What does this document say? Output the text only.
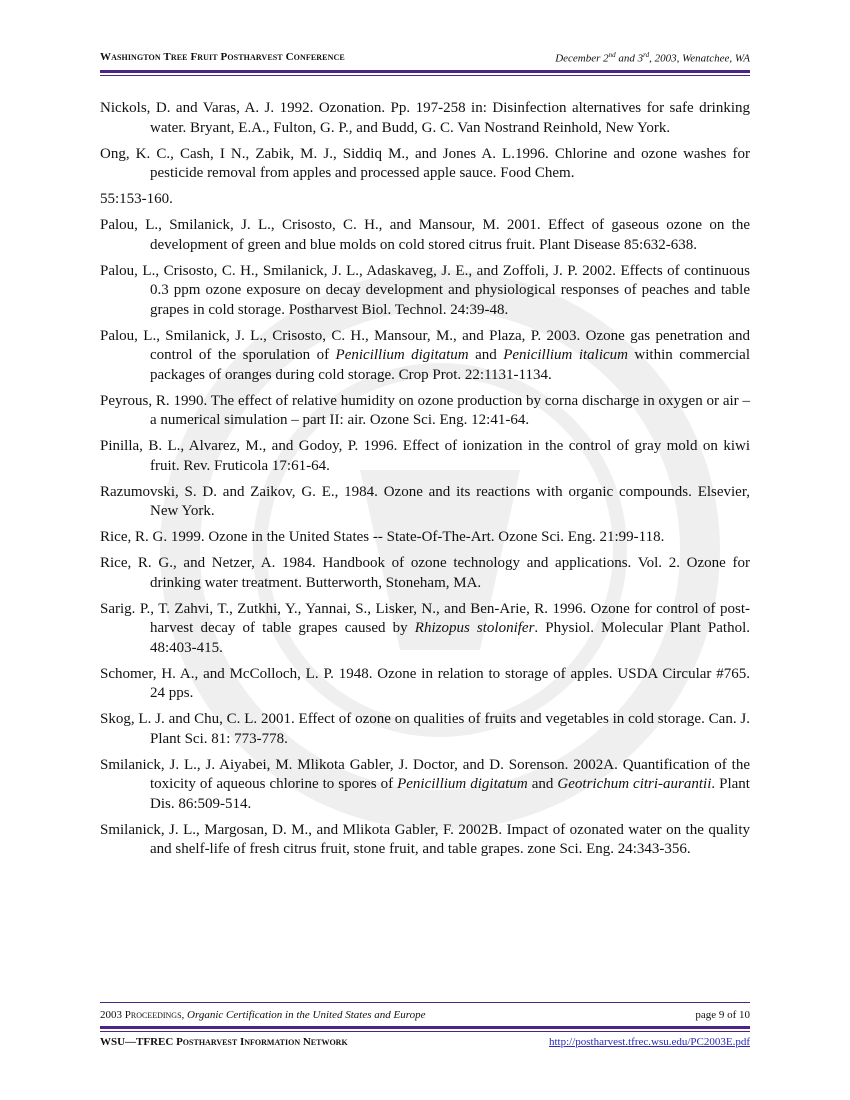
Washington Tree Fruit Postharvest Conference	December 2nd and 3rd, 2003, Wenatchee, WA

Nickols, D. and Varas, A. J. 1992. Ozonation. Pp. 197-258 in: Disinfection alternatives for safe drinking water. Bryant, E.A., Fulton, G. P., and Budd, G. C. Van Nostrand Reinhold, New York.

Ong, K. C., Cash, I N., Zabik, M. J., Siddiq M., and Jones A. L.1996. Chlorine and ozone washes for pesticide removal from apples and processed apple sauce. Food Chem.

55:153-160.

Palou, L., Smilanick, J. L., Crisosto, C. H., and Mansour, M. 2001. Effect of gaseous ozone on the development of green and blue molds on cold stored citrus fruit. Plant Disease 85:632-638.

Palou, L., Crisosto, C. H., Smilanick, J. L., Adaskaveg, J. E., and Zoffoli, J. P. 2002. Effects of continuous 0.3 ppm ozone exposure on decay development and physiological responses of peaches and table grapes in cold storage. Postharvest Biol. Technol. 24:39-48.

Palou, L., Smilanick, J. L., Crisosto, C. H., Mansour, M., and Plaza, P. 2003. Ozone gas penetration and control of the sporulation of Penicillium digitatum and Penicillium italicum within commercial packages of oranges during cold storage. Crop Prot. 22:1131-1134.

Peyrous, R. 1990. The effect of relative humidity on ozone production by corna discharge in oxygen or air – a numerical simulation – part II: air. Ozone Sci. Eng. 12:41-64.

Pinilla, B. L., Alvarez, M., and Godoy, P. 1996. Effect of ionization in the control of gray mold on kiwi fruit. Rev. Fruticola 17:61-64.

Razumovski, S. D. and Zaikov, G. E., 1984. Ozone and its reactions with organic compounds. Elsevier, New York.

Rice, R. G. 1999. Ozone in the United States -- State-Of-The-Art. Ozone Sci. Eng. 21:99-118.

Rice, R. G., and Netzer, A. 1984. Handbook of ozone technology and applications. Vol. 2. Ozone for drinking water treatment. Butterworth, Stoneham, MA.

Sarig. P., T. Zahvi, T., Zutkhi, Y., Yannai, S., Lisker, N., and Ben-Arie, R. 1996. Ozone for control of post-harvest decay of table grapes caused by Rhizopus stolonifer. Physiol. Molecular Plant Pathol. 48:403-415.

Schomer, H. A., and McColloch, L. P. 1948. Ozone in relation to storage of apples. USDA Circular #765. 24 pps.

Skog, L. J. and Chu, C. L. 2001. Effect of ozone on qualities of fruits and vegetables in cold storage. Can. J. Plant Sci. 81: 773-778.

Smilanick, J. L., J. Aiyabei, M. Mlikota Gabler, J. Doctor, and D. Sorenson. 2002A. Quantification of the toxicity of aqueous chlorine to spores of Penicillium digitatum and Geotrichum citri-aurantii. Plant Dis. 86:509-514.

Smilanick, J. L., Margosan, D. M., and Mlikota Gabler, F. 2002B. Impact of ozonated water on the quality and shelf-life of fresh citrus fruit, stone fruit, and table grapes. zone Sci. Eng. 24:343-356.

2003 Proceedings, Organic Certification in the United States and Europe	page 9 of 10
WSU—TFREC Postharvest Information Network	http://postharvest.tfrec.wsu.edu/PC2003E.pdf
